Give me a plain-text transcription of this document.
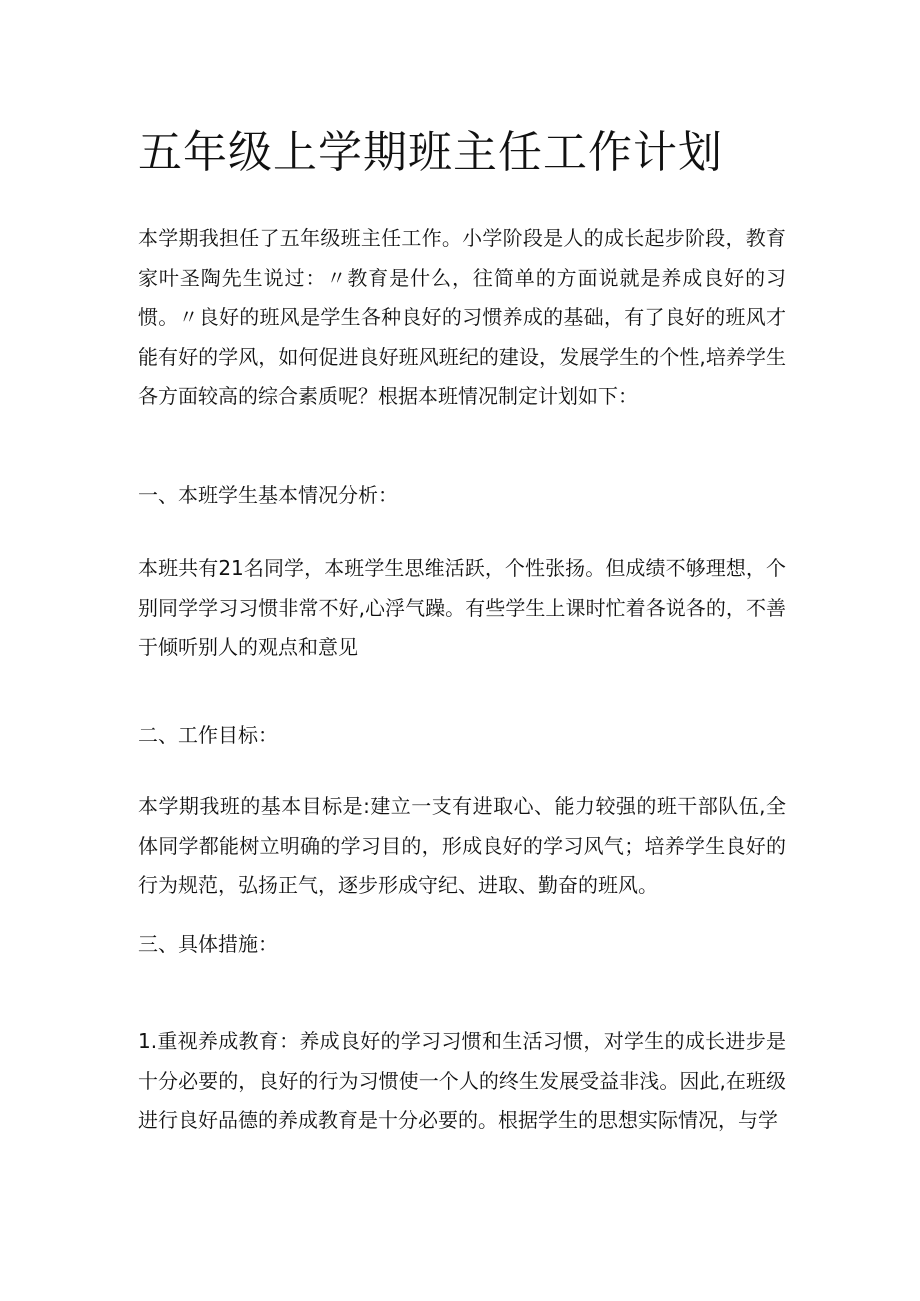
五年级上学期班主任工作计划

本学期我担任了五年级班主任工作。小学阶段是人的成长起步阶段，教育家叶圣陶先生说过：〃教育是什么，往简单的方面说就是养成良好的习惯。〃良好的班风是学生各种良好的习惯养成的基础，有了良好的班风才能有好的学风，如何促进良好班风班纪的建设，发展学生的个性,培养学生各方面较高的综合素质呢？根据本班情况制定计划如下：

一、本班学生基本情况分析：

本班共有21名同学，本班学生思维活跃，个性张扬。但成绩不够理想，个别同学学习习惯非常不好,心浮气躁。有些学生上课时忙着各说各的，不善于倾听别人的观点和意见

二、工作目标：

本学期我班的基本目标是:建立一支有进取心、能力较强的班干部队伍,全体同学都能树立明确的学习目的，形成良好的学习风气；培养学生良好的行为规范，弘扬正气，逐步形成守纪、进取、勤奋的班风。

三、具体措施：

1.重视养成教育：养成良好的学习习惯和生活习惯，对学生的成长进步是十分必要的，良好的行为习惯使一个人的终生发展受益非浅。因此,在班级进行良好品德的养成教育是十分必要的。根据学生的思想实际情况，与学
